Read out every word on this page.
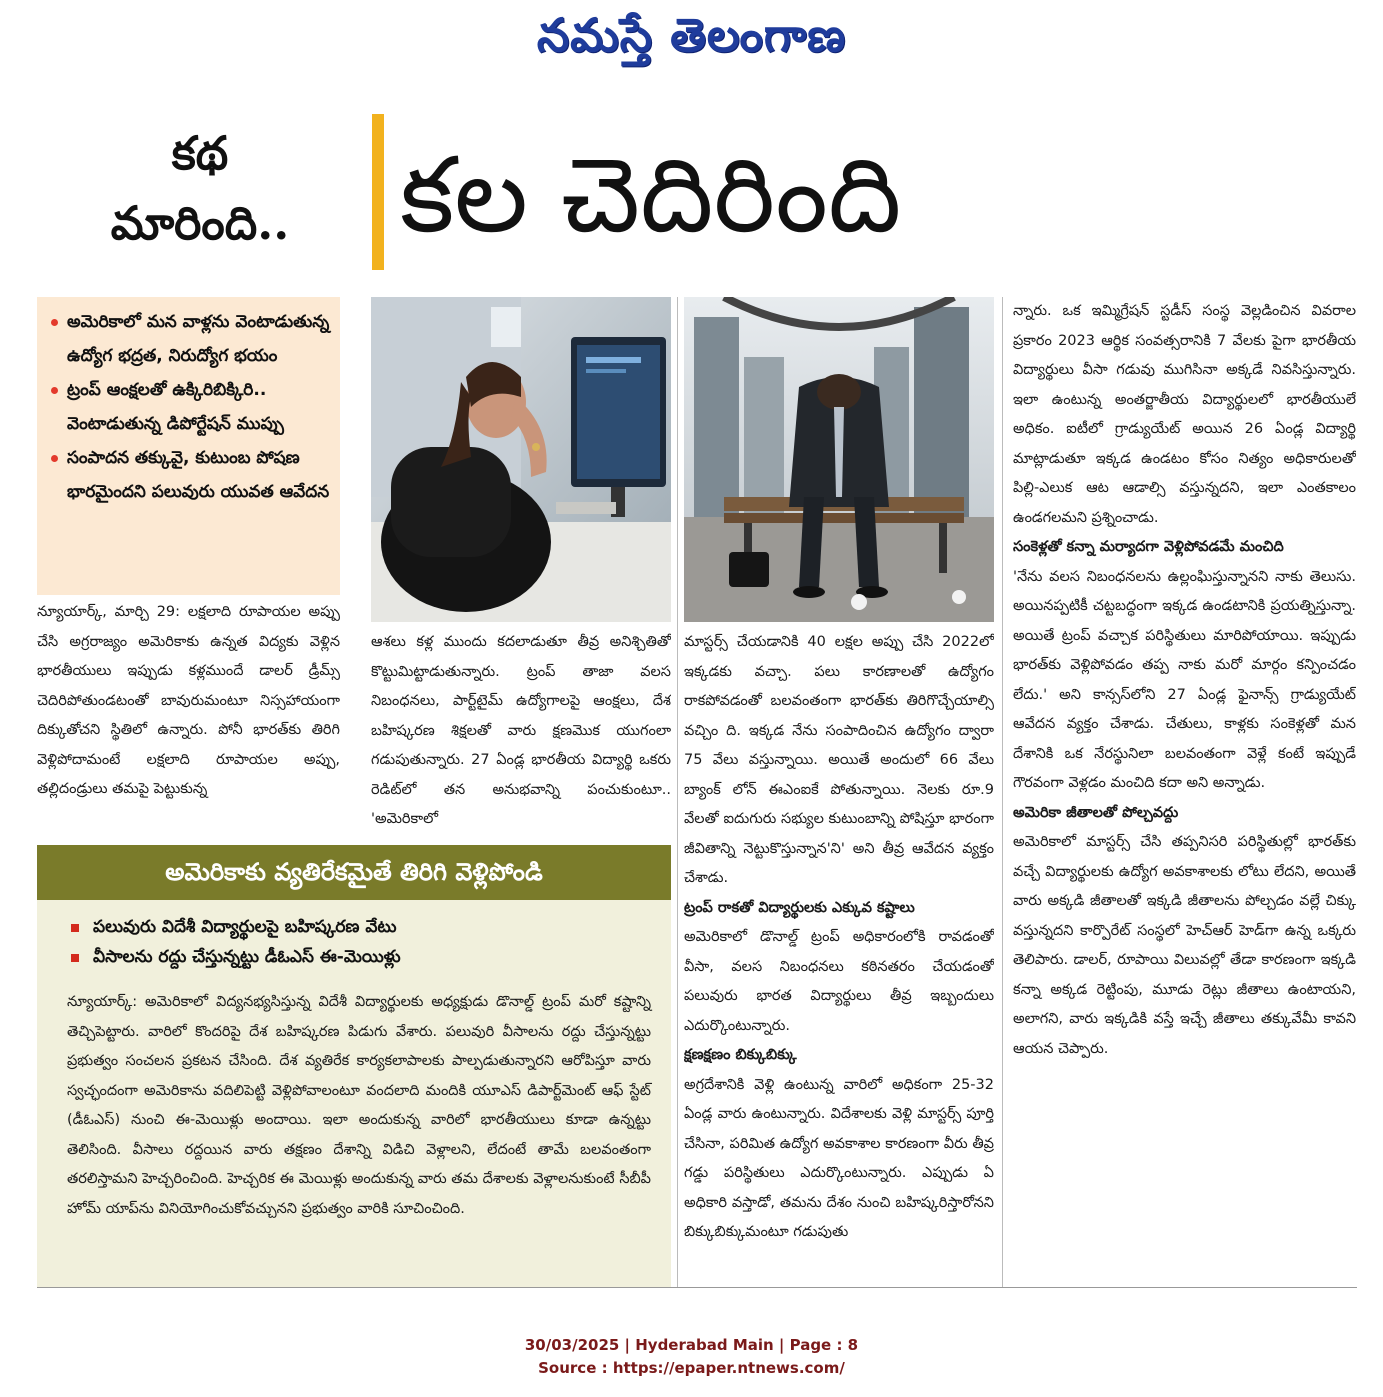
నమస్తే తెలంగాణ
కథ
మారింది..	కల చెదిరింది
అమెరికాలో మన వాళ్లను వెంటాడుతున్న ఉద్యోగ భద్రత, నిరుద్యోగ భయం
ట్రంప్ ఆంక్షలతో ఉక్కిరిబిక్కిరి.. వెంటాడుతున్న డిపోర్టేషన్ ముప్పు
సంపాదన తక్కువై, కుటుంబ పోషణ భారమైందని పలువురు యువత ఆవేదన
న్యూయార్క్, మార్చి 29: లక్షలాది రూపాయల అప్పు చేసి అగ్రరాజ్యం అమెరికాకు ఉన్నత విద్యకు వెళ్లిన భారతీయులు ఇప్పుడు కళ్లముందే డాలర్ డ్రీమ్స్ చెదిరిపోతుండటంతో బావురుమంటూ నిస్సహాయంగా దిక్కుతోచని స్థితిలో ఉన్నారు. పోనీ భారత్‌కు తిరిగి వెళ్లిపోదామంటే లక్షలాది రూపాయల అప్పు, తల్లిదండ్రులు తమపై పెట్టుకున్న
ఆశలు కళ్ల ముందు కదలాడుతూ తీవ్ర అనిశ్చితితో కొట్టుమిట్టాడుతున్నారు. ట్రంప్ తాజా వలస నిబంధనలు, పార్ట్‌టైమ్ ఉద్యోగాలపై ఆంక్షలు, దేశ బహిష్కరణ శిక్షలతో వారు క్షణమొక యుగంలా గడుపుతున్నారు. 27 ఏండ్ల భారతీయ విద్యార్థి ఒకరు రెడిట్‌లో తన అనుభవాన్ని పంచుకుంటూ.. 'అమెరికాలో
మాస్టర్స్ చేయడానికి 40 లక్షల అప్పు చేసి 2022లో ఇక్కడకు వచ్చా. పలు కారణాలతో ఉద్యోగం రాకపోవడంతో బలవంతంగా భారత్‌కు తిరిగొచ్చేయాల్సి వచ్చిం ది. ఇక్కడ నేను సంపాదించిన ఉద్యోగం ద్వారా 75 వేలు వస్తున్నాయి. అయితే అందులో 66 వేలు బ్యాంక్ లోన్ ఈఎంఐకే పోతున్నాయి. నెలకు రూ.9 వేలతో ఐదుగురు సభ్యుల కుటుంబాన్ని పోషిస్తూ భారంగా జీవితాన్ని నెట్టుకొస్తున్నాన'ని' అని తీవ్ర ఆవేదన వ్యక్తం చేశాడు.
ట్రంప్ రాకతో విద్యార్థులకు ఎక్కువ కష్టాలు
అమెరికాలో డొనాల్డ్ ట్రంప్ అధికారంలోకి రావడంతో వీసా, వలస నిబంధనలు కఠినతరం చేయడంతో పలువురు భారత విద్యార్థులు తీవ్ర ఇబ్బందులు ఎదుర్కొంటున్నారు.
క్షణక్షణం బిక్కుబిక్కు
అగ్రదేశానికి వెళ్లి ఉంటున్న వారిలో అధికంగా 25-32 ఏండ్ల వారు ఉంటున్నారు. విదేశాలకు వెళ్లి మాస్టర్స్ పూర్తి చేసినా, పరిమిత ఉద్యోగ అవకాశాల కారణంగా వీరు తీవ్ర గడ్డు పరిస్థితులు ఎదుర్కొంటున్నారు. ఎప్పుడు ఏ అధికారి వస్తాడో, తమను దేశం నుంచి బహిష్కరిస్తారోనని బిక్కుబిక్కుమంటూ గడుపుతు
న్నారు. ఒక ఇమ్మిగ్రేషన్ స్టడీస్ సంస్థ వెల్లడించిన వివరాల ప్రకారం 2023 ఆర్థిక సంవత్సరానికి 7 వేలకు పైగా భారతీయ విద్యార్థులు వీసా గడువు ముగిసినా అక్కడే నివసిస్తున్నారు. ఇలా ఉంటున్న అంతర్జాతీయ విద్యార్థులలో భారతీయులే అధికం. ఐటీలో గ్రాడ్యుయేట్ అయిన 26 ఏండ్ల విద్యార్థి మాట్లాడుతూ ఇక్కడ ఉండటం కోసం నిత్యం అధికారులతో పిల్లి-ఎలుక ఆట ఆడాల్సి వస్తున్నదని, ఇలా ఎంతకాలం ఉండగలమని ప్రశ్నించాడు.
సంకెళ్లతో కన్నా మర్యాదగా వెళ్లిపోవడమే మంచిది
'నేను వలస నిబంధనలను ఉల్లంఘిస్తున్నానని నాకు తెలుసు. అయినప్పటికీ చట్టబద్ధంగా ఇక్కడ ఉండటానికి ప్రయత్నిస్తున్నా. అయితే ట్రంప్ వచ్చాక పరిస్థితులు మారిపోయాయి. ఇప్పుడు భారత్‌కు వెళ్లిపోవడం తప్ప నాకు మరో మార్గం కన్పించడం లేదు.' అని కాన్సస్‌లోని 27 ఏండ్ల ఫైనాన్స్ గ్రాడ్యుయేట్ ఆవేదన వ్యక్తం చేశాడు. చేతులు, కాళ్లకు సంకెళ్లతో మన దేశానికి ఒక నేరస్థునిలా బలవంతంగా వెళ్లే కంటే ఇప్పుడే గౌరవంగా వెళ్లడం మంచిది కదా అని అన్నాడు.
అమెరికా జీతాలతో పోల్చవద్దు
అమెరికాలో మాస్టర్స్ చేసి తప్పనిసరి పరిస్థితుల్లో భారత్‌కు వచ్చే విద్యార్థులకు ఉద్యోగ అవకాశాలకు లోటు లేదని, అయితే వారు అక్కడి జీతాలతో ఇక్కడి జీతాలను పోల్చడం వల్లే చిక్కు వస్తున్నదని కార్పొరేట్ సంస్థలో హెచ్‌ఆర్ హెడ్‌గా ఉన్న ఒక్కరు తెలిపారు. డాలర్, రూపాయి విలువల్లో తేడా కారణంగా ఇక్కడి కన్నా అక్కడ రెట్టింపు, మూడు రెట్లు జీతాలు ఉంటాయని, అలాగని, వారు ఇక్కడికి వస్తే ఇచ్చే జీతాలు తక్కువేమీ కావని ఆయన చెప్పారు.
అమెరికాకు వ్యతిరేకమైతే తిరిగి వెళ్లిపోండి
పలువురు విదేశీ విద్యార్థులపై బహిష్కరణ వేటు
వీసాలను రద్దు చేస్తున్నట్టు డీఓఎస్ ఈ-మెయిళ్లు
న్యూయార్క్: అమెరికాలో విద్యనభ్యసిస్తున్న విదేశీ విద్యార్థులకు అధ్యక్షుడు డొనాల్డ్ ట్రంప్ మరో కష్టాన్ని తెచ్చిపెట్టారు. వారిలో కొందరిపై దేశ బహిష్కరణ పిడుగు వేశారు. పలువురి వీసాలను రద్దు చేస్తున్నట్టు ప్రభుత్వం సంచలన ప్రకటన చేసింది. దేశ వ్యతిరేక కార్యకలాపాలకు పాల్పడుతున్నారని ఆరోపిస్తూ వారు స్వచ్ఛందంగా అమెరికాను వదిలిపెట్టి వెళ్లిపోవాలంటూ వందలాది మందికి యూఎస్ డిపార్ట్‌మెంట్ ఆఫ్ స్టేట్ (డీఓఎస్) నుంచి ఈ-మెయిళ్లు అందాయి. ఇలా అందుకున్న వారిలో భారతీయులు కూడా ఉన్నట్టు తెలిసింది. వీసాలు రద్దయిన వారు తక్షణం దేశాన్ని విడిచి వెళ్లాలని, లేదంటే తామే బలవంతంగా తరలిస్తామని హెచ్చరించింది. హెచ్చరిక ఈ మెయిళ్లు అందుకున్న వారు తమ దేశాలకు వెళ్లాలనుకుంటే సీబీపీ హోమ్ యాప్‌ను వినియోగించుకోవచ్చునని ప్రభుత్వం వారికి సూచించింది.
30/03/2025 | Hyderabad Main | Page : 8
Source : https://epaper.ntnews.com/
